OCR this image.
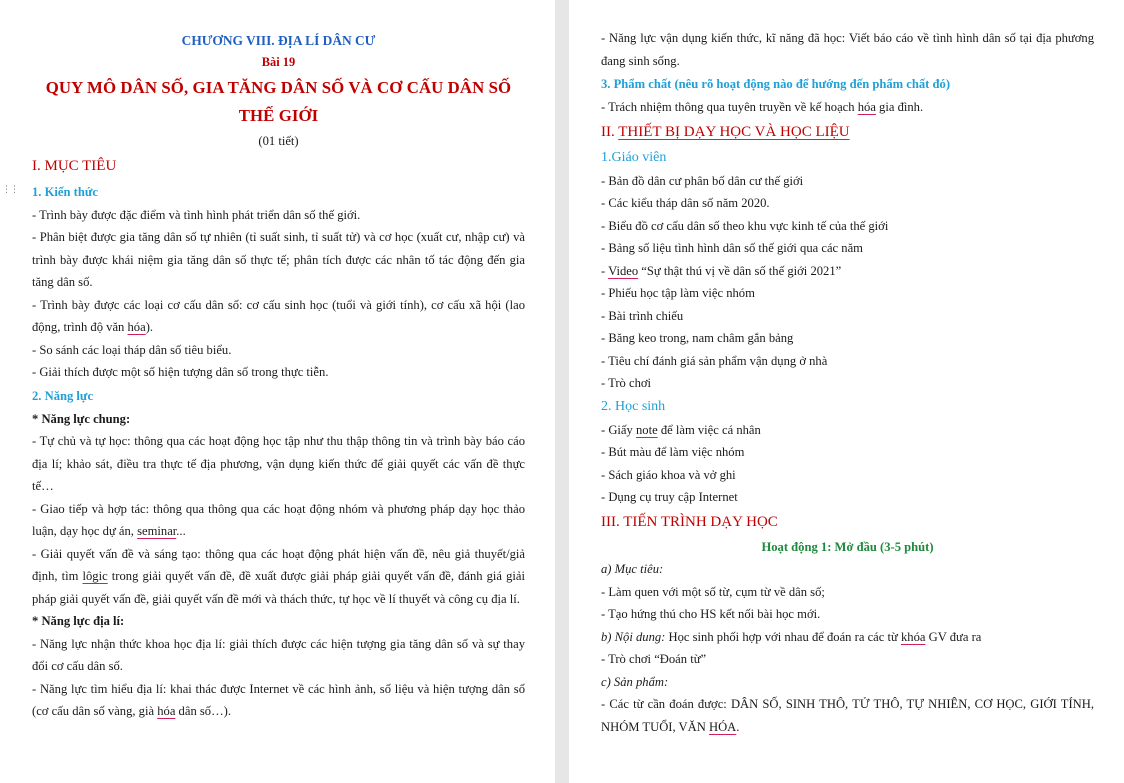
CHƯƠNG VIII. ĐỊA LÍ DÂN CƯ

Bài 19

QUY MÔ DÂN SỐ, GIA TĂNG DÂN SỐ VÀ CƠ CẤU DÂN SỐ

THẾ GIỚI

(01 tiết)

I. MỤC TIÊU

1. Kiến thức

- Trình bày được đặc điểm và tình hình phát triển dân số thế giới.

- Phân biệt được gia tăng dân số tự nhiên (tỉ suất sinh, tỉ suất tử) và cơ học (xuất cư, nhập cư) và trình bày được khái niệm gia tăng dân số thực tế; phân tích được các nhân tố tác động đến gia tăng dân số.

- Trình bày được các loại cơ cấu dân số: cơ cấu sinh học (tuổi và giới tính), cơ cấu xã hội (lao động, trình độ văn hóa).

- So sánh các loại tháp dân số tiêu biểu.

- Giải thích được một số hiện tượng dân số trong thực tiễn.

2. Năng lực

* Năng lực chung:

- Tự chủ và tự học: thông qua các hoạt động học tập như thu thập thông tin và trình bày báo cáo địa lí; khảo sát, điều tra thực tế địa phương, vận dụng kiến thức để giải quyết các vấn đề thực tế…

- Giao tiếp và hợp tác: thông qua thông qua các hoạt động nhóm và phương pháp dạy học thảo luận, dạy học dự án, seminar...

- Giải quyết vấn đề và sáng tạo: thông qua các hoạt động phát hiện vấn đề, nêu giả thuyết/giả định, tìm lôgic trong giải quyết vấn đề, đề xuất được giải pháp giải quyết vấn đề, đánh giá giải pháp giải quyết vấn đề, giải quyết vấn đề mới và thách thức, tự học về lí thuyết và công cụ địa lí.

* Năng lực địa lí:

- Năng lực nhận thức khoa học địa lí: giải thích được các hiện tượng gia tăng dân số và sự thay đổi cơ cấu dân số.

- Năng lực tìm hiểu địa lí: khai thác được Internet về các hình ảnh, số liệu và hiện tượng dân số (cơ cấu dân số vàng, già hóa dân số…).

⋮⋮

- Năng lực vận dụng kiến thức, kĩ năng đã học: Viết báo cáo về tình hình dân số tại địa phương đang sinh sống.

3. Phẩm chất (nêu rõ hoạt động nào để hướng đến phẩm chất đó)

- Trách nhiệm thông qua tuyên truyền về kế hoạch hóa gia đình.

II. THIẾT BỊ DẠY HỌC VÀ HỌC LIỆU

1.Giáo viên

- Bản đồ dân cư phân bố dân cư thế giới

- Các kiểu tháp dân số năm 2020.

- Biểu đồ cơ cấu dân số theo khu vực kinh tế của thế giới

- Bảng số liệu tình hình dân số thế giới qua các năm

- Video “Sự thật thú vị về dân số thế giới 2021”

- Phiếu học tập làm việc nhóm

- Bài trình chiếu

- Băng keo trong, nam châm gắn bảng

- Tiêu chí đánh giá sản phẩm vận dụng ở nhà

- Trò chơi

2. Học sinh

- Giấy note để làm việc cá nhân

- Bút màu để làm việc nhóm

- Sách giáo khoa và vở ghi

- Dụng cụ truy cập Internet

III. TIẾN TRÌNH DẠY HỌC

Hoạt động 1: Mở đầu (3-5 phút)

a) Mục tiêu:

- Làm quen với một số từ, cụm từ về dân số;

- Tạo hứng thú cho HS kết nối bài học mới.

b) Nội dung: Học sinh phối hợp với nhau để đoán ra các từ khóa GV đưa ra

- Trò chơi “Đoán từ”

c) Sản phẩm:

- Các từ cần đoán được: DÂN SỐ, SINH THÔ, TỬ THÔ, TỰ NHIÊN, CƠ HỌC, GIỚI TÍNH, NHÓM TUỔI, VĂN HÓA.
